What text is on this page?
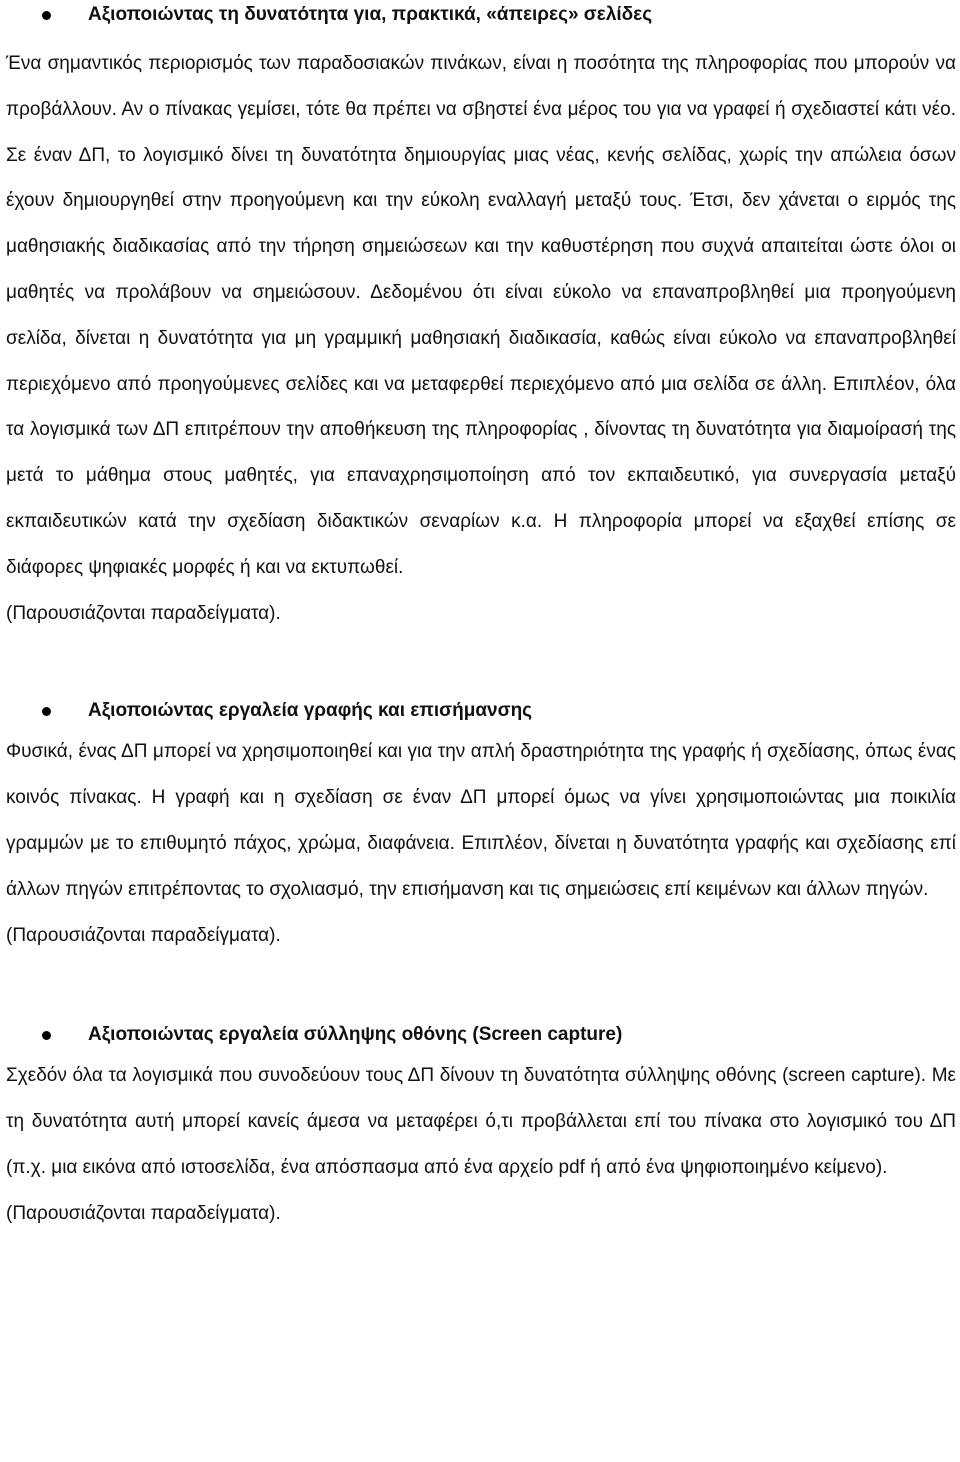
Αξιοποιώντας τη δυνατότητα για, πρακτικά, «άπειρες» σελίδες

Ένα σημαντικός περιορισμός των παραδοσιακών πινάκων, είναι η ποσότητα της πληροφορίας που μπορούν να προβάλλουν. Αν ο πίνακας γεμίσει, τότε θα πρέπει να σβηστεί ένα μέρος του για να γραφεί ή σχεδιαστεί κάτι νέο. Σε έναν ΔΠ, το λογισμικό δίνει τη δυνατότητα δημιουργίας μιας νέας, κενής σελίδας, χωρίς την απώλεια όσων έχουν δημιουργηθεί στην προηγούμενη και την εύκολη εναλλαγή μεταξύ τους. Έτσι, δεν χάνεται ο ειρμός της μαθησιακής διαδικασίας από την τήρηση σημειώσεων και την καθυστέρηση που συχνά απαιτείται ώστε όλοι οι μαθητές να προλάβουν να σημειώσουν. Δεδομένου ότι είναι εύκολο να επαναπροβληθεί μια προηγούμενη σελίδα, δίνεται η δυνατότητα για μη γραμμική μαθησιακή διαδικασία, καθώς είναι εύκολο να επαναπροβληθεί περιεχόμενο από προηγούμενες σελίδες και να μεταφερθεί περιεχόμενο από μια σελίδα σε άλλη. Επιπλέον, όλα τα λογισμικά των ΔΠ επιτρέπουν την αποθήκευση της πληροφορίας , δίνοντας τη δυνατότητα για διαμοίρασή της μετά το μάθημα στους μαθητές, για επαναχρησιμοποίηση από τον εκπαιδευτικό, για συνεργασία μεταξύ εκπαιδευτικών κατά την σχεδίαση διδακτικών σεναρίων κ.α. Η πληροφορία μπορεί να εξαχθεί επίσης σε διάφορες ψηφιακές μορφές ή και να εκτυπωθεί.

(Παρουσιάζονται παραδείγματα).

Αξιοποιώντας εργαλεία γραφής και επισήμανσης

Φυσικά, ένας ΔΠ μπορεί να χρησιμοποιηθεί και για την απλή δραστηριότητα της γραφής ή σχεδίασης, όπως ένας κοινός πίνακας. Η γραφή και η σχεδίαση σε έναν ΔΠ μπορεί όμως να γίνει χρησιμοποιώντας μια ποικιλία γραμμών με το επιθυμητό πάχος, χρώμα, διαφάνεια. Επιπλέον, δίνεται η δυνατότητα γραφής και σχεδίασης επί άλλων πηγών επιτρέποντας το σχολιασμό, την επισήμανση και τις σημειώσεις επί κειμένων και άλλων πηγών.

(Παρουσιάζονται παραδείγματα).

Αξιοποιώντας εργαλεία σύλληψης οθόνης (Screen capture)

Σχεδόν όλα τα λογισμικά που συνοδεύουν τους ΔΠ δίνουν τη δυνατότητα σύλληψης οθόνης (screen capture). Με τη δυνατότητα αυτή μπορεί κανείς άμεσα να μεταφέρει ό,τι προβάλλεται επί του πίνακα στο λογισμικό του ΔΠ (π.χ. μια εικόνα από ιστοσελίδα, ένα απόσπασμα από ένα αρχείο pdf ή από ένα ψηφιοποιημένο κείμενο).

(Παρουσιάζονται παραδείγματα).
